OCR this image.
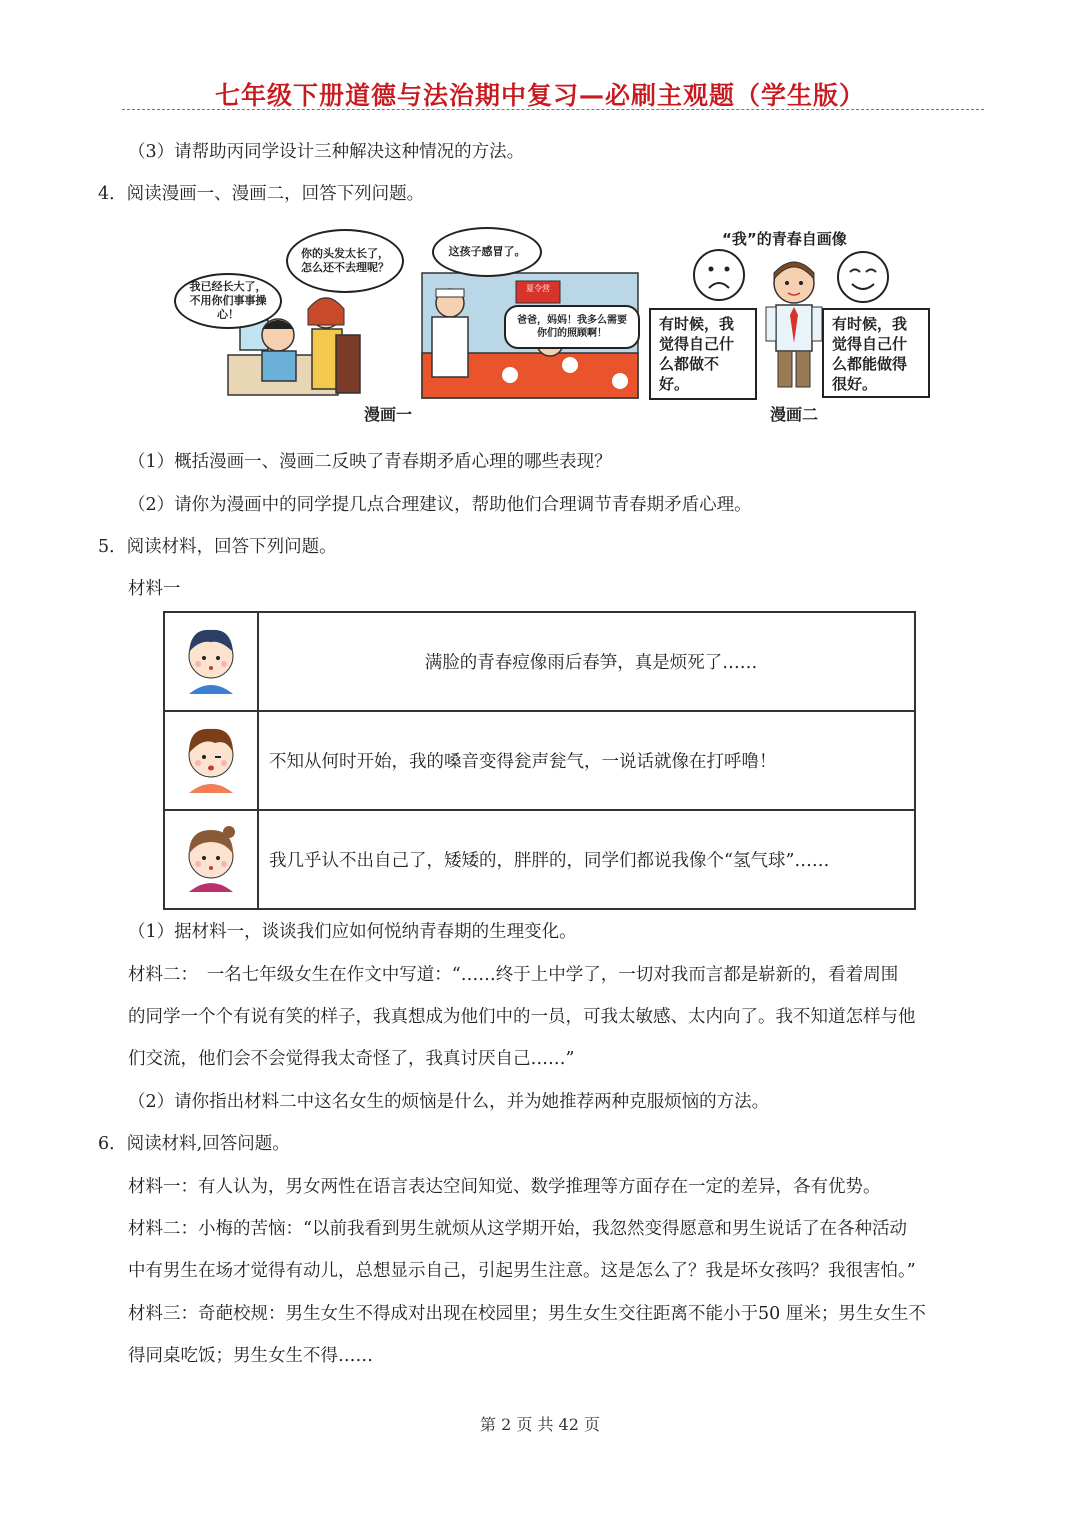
七年级下册道德与法治期中复习—必刷主观题（学生版）
（3）请帮助丙同学设计三种解决这种情况的方法。
4．阅读漫画一、漫画二，回答下列问题。
我已经长大了，不用你们事事操心！
你的头发太长了，怎么还不去理呢？
这孩子感冒了。
爸爸，妈妈！我多么需要你们的照顾啊！
夏令营
漫画一
“我”的青春自画像
有时候，我觉得自己什么都做不好。
有时候，我觉得自己什么都能做得很好。
漫画二
（1）概括漫画一、漫画二反映了青春期矛盾心理的哪些表现？
（2）请你为漫画中的同学提几点合理建议，帮助他们合理调节青春期矛盾心理。
5．阅读材料，回答下列问题。
材料一
	满脸的青春痘像雨后春笋，真是烦死了……
	不知从何时开始，我的嗓音变得瓮声瓮气，一说话就像在打呼噜！
	我几乎认不出自己了，矮矮的，胖胖的，同学们都说我像个“氢气球”……
（1）据材料一，谈谈我们应如何悦纳青春期的生理变化。
材料二：　一名七年级女生在作文中写道：“……终于上中学了，一切对我而言都是崭新的，看着周围
的同学一个个有说有笑的样子，我真想成为他们中的一员，可我太敏感、太内向了。我不知道怎样与他
们交流，他们会不会觉得我太奇怪了，我真讨厌自己……”
（2）请你指出材料二中这名女生的烦恼是什么，并为她推荐两种克服烦恼的方法。
6．阅读材料,回答问题。
材料一：有人认为，男女两性在语言表达空间知觉、数学推理等方面存在一定的差异，各有优势。
材料二：小梅的苦恼：“以前我看到男生就烦从这学期开始，我忽然变得愿意和男生说话了在各种活动
中有男生在场才觉得有动儿，总想显示自己，引起男生注意。这是怎么了？我是坏女孩吗？我很害怕。”
材料三：奇葩校规：男生女生不得成对出现在校园里；男生女生交往距离不能小于50 厘米；男生女生不
得同桌吃饭；男生女生不得……
第 2 页 共 42 页
